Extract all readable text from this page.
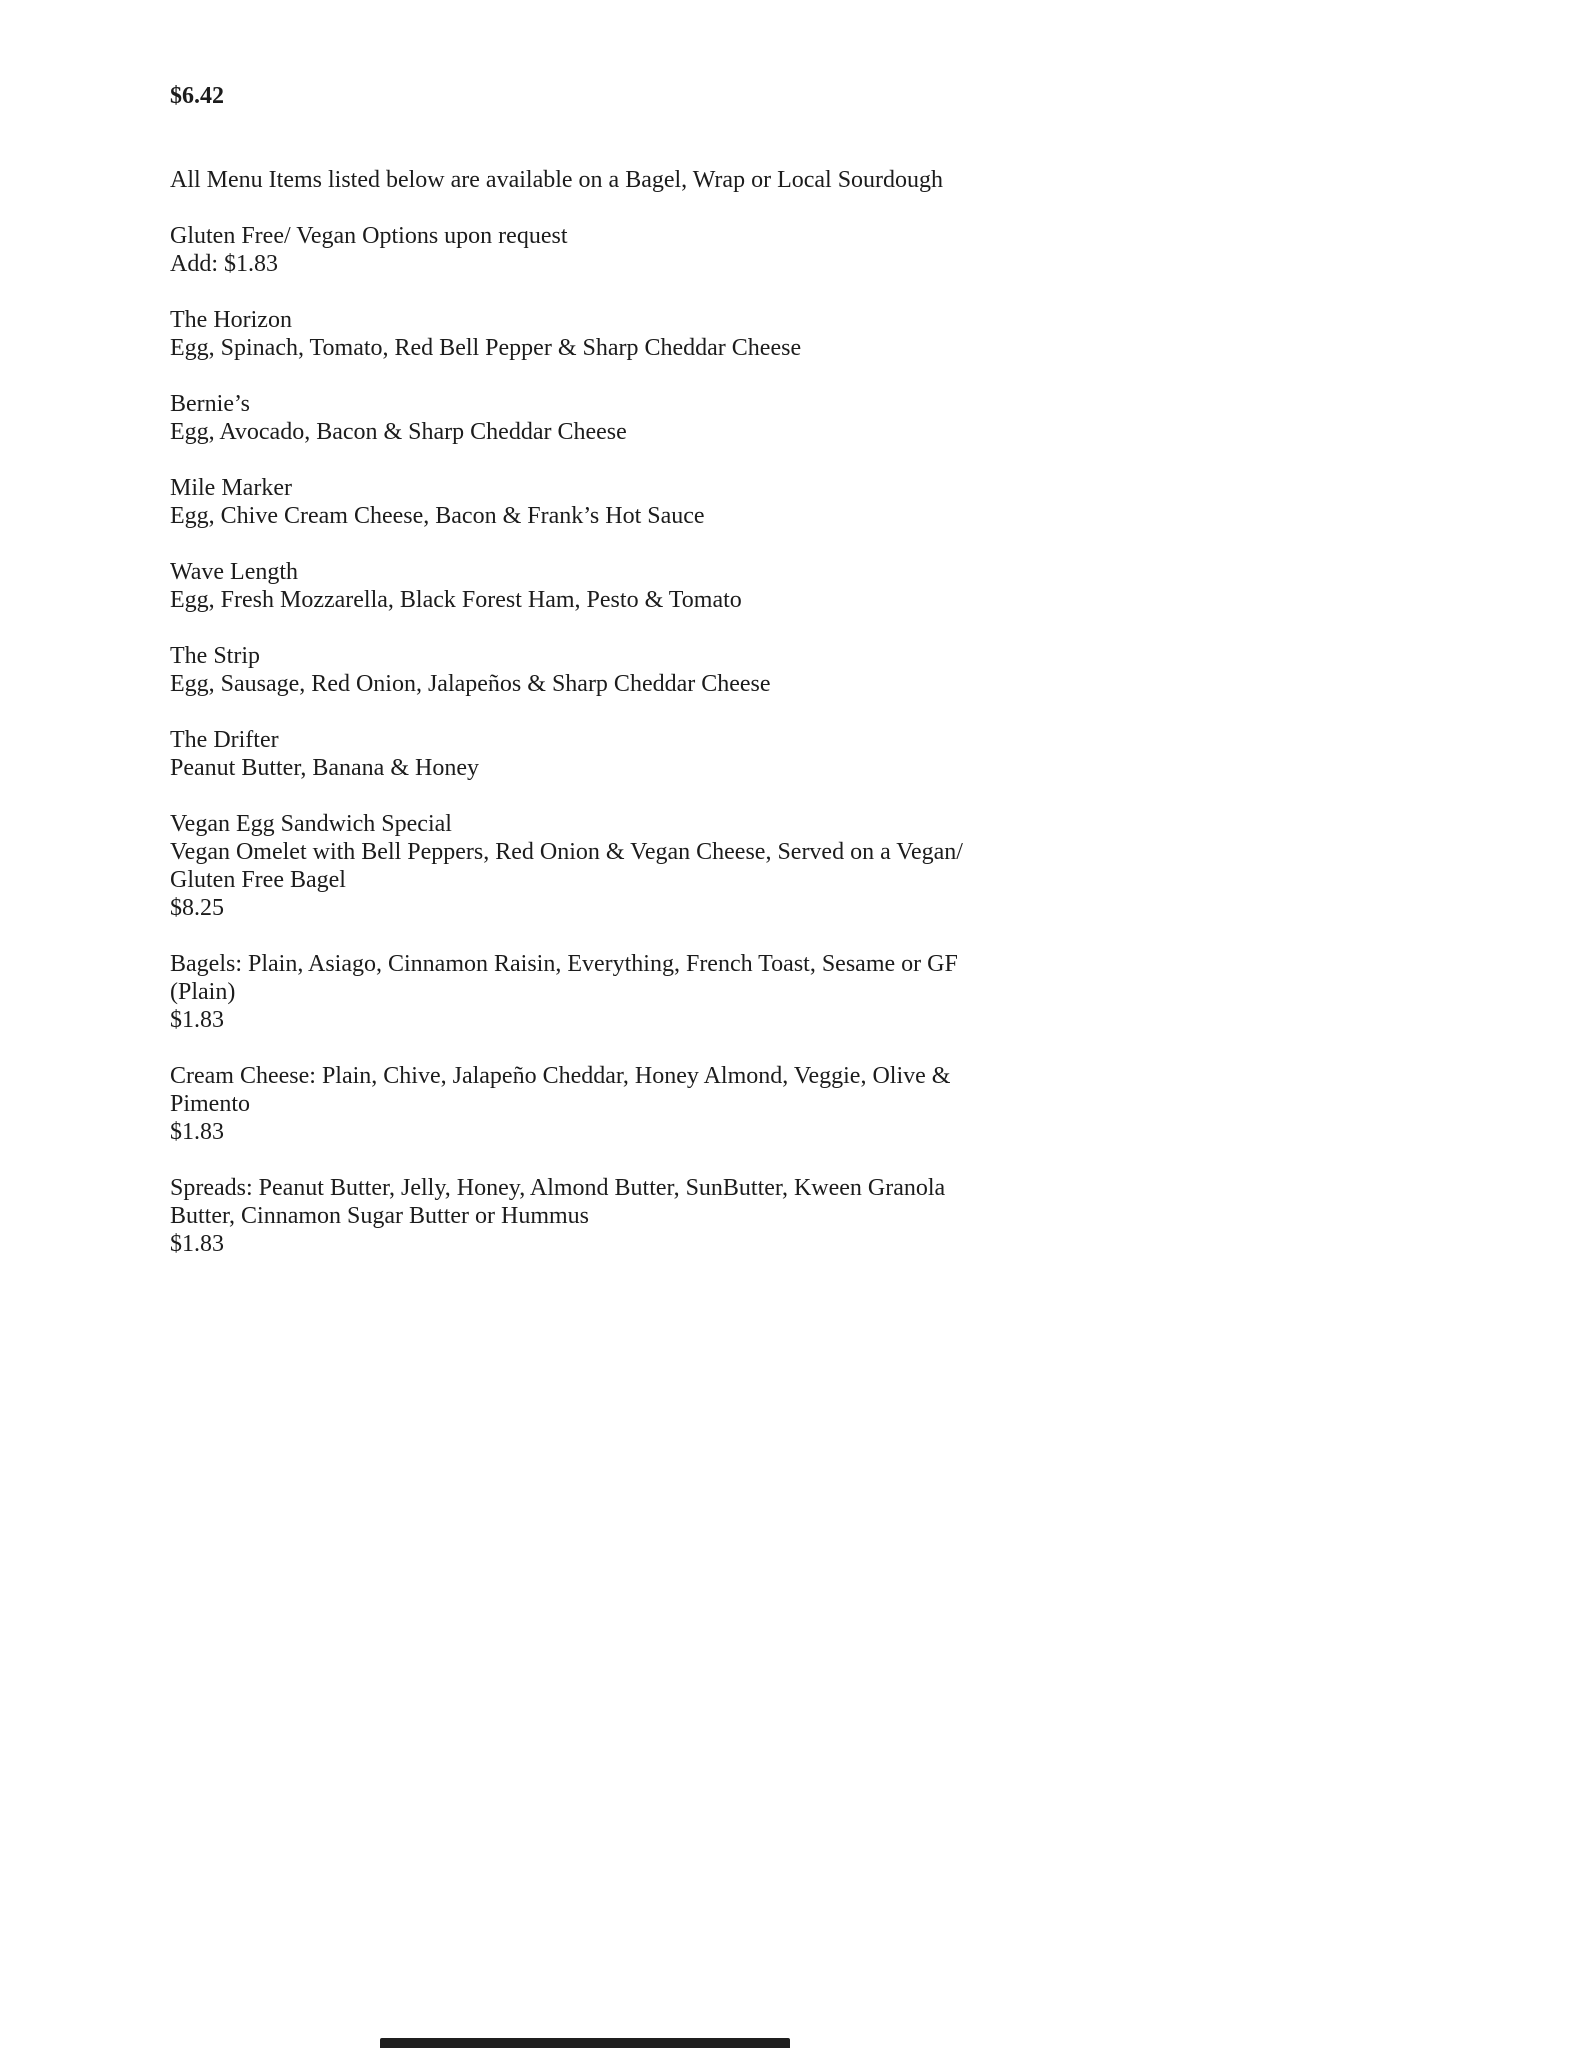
$6.42

All Menu Items listed below are available on a Bagel, Wrap or Local Sourdough

Gluten Free/ Vegan Options upon request
Add: $1.83
The Horizon
Egg, Spinach, Tomato, Red Bell Pepper & Sharp Cheddar Cheese
Bernie’s
Egg, Avocado, Bacon & Sharp Cheddar Cheese
Mile Marker
Egg, Chive Cream Cheese, Bacon & Frank’s Hot Sauce
Wave Length
Egg, Fresh Mozzarella, Black Forest Ham, Pesto & Tomato
The Strip
Egg, Sausage, Red Onion, Jalapeños & Sharp Cheddar Cheese
The Drifter
Peanut Butter, Banana & Honey
Vegan Egg Sandwich Special
Vegan Omelet with Bell Peppers, Red Onion & Vegan Cheese, Served on a Vegan/ Gluten Free Bagel
$8.25
Bagels: Plain, Asiago, Cinnamon Raisin, Everything, French Toast, Sesame or GF (Plain)
$1.83
Cream Cheese: Plain, Chive, Jalapeño Cheddar, Honey Almond, Veggie, Olive & Pimento
$1.83
Spreads: Peanut Butter, Jelly, Honey, Almond Butter, SunButter, Kween Granola Butter, Cinnamon Sugar Butter or Hummus
$1.83
